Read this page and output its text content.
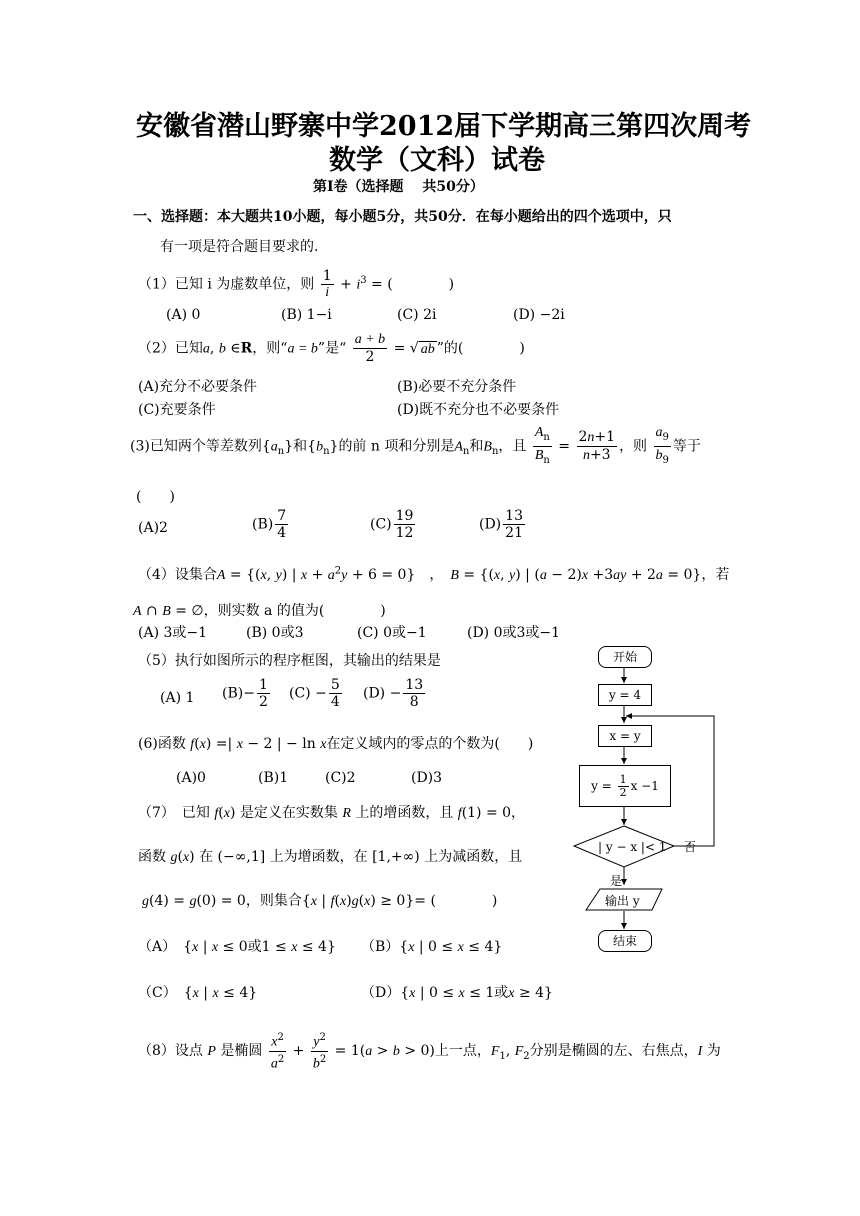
安徽省潜山野寨中学2012届下学期高三第四次周考
数学（文科）试卷
第Ⅰ卷（选择题　 共50分）
一、选择题：本大题共10小题，每小题5分，共50分．在每小题给出的四个选项中，只
有一项是符合题目要求的.
（1）已知 i 为虚数单位，则 $\frac{1}{i} + i^3$ = (　　　　)
(A) 0	(B) 1−i	(C) 2i	(D) −2i
（2）已知a, b ∈R，则“a = b”是“ $\frac{a + b}{2}$ = √ ab ”的(　　　　)
(A)充分不必要条件	(B)必要不充分条件
(C)充要条件	(D)既不充分也不必要条件
(3)已知两个等差数列$\{a_n\}$和$\{b_n\}$的前 n 项和分别是$A_n$和$B_n$，且 $\frac{A_n}{B_n} = \frac{2n+1}{n+3}$ ，则 $\frac{a_9}{b_9}$ 等于
(　　)
(A)2	$(B) \frac{7}{4}$	$(C) \frac{19}{12}$	$(D) \frac{13}{21}$
（4）设集合A = {(x, y) | $x + a^2y + 6 = 0$}　，　 B = {(x, y) | (a − 2)x +3ay + 2a = 0}，若
A ∩ B = ∅，则实数 a 的值为(　　　　)
(A) 3或−1	(B) 0或3	(C) 0或−1	(D) 0或3或−1
（5）执行如图所示的程序框图，其输出的结果是
(A) 1 $(B)- \frac{1}{2} (C) - \frac{5}{4} (D) - \frac{13}{8}$
(6)函数 f(x) =| x − 2 | − ln x在定义域内的零点的个数为(　　)
(A)0	(B)1	(C)2	(D)3
（7）　已知 f(x) 是定义在实数集 R 上的增函数，且 f(1) = 0，
函数 g(x) 在 (−∞,1] 上为增函数，在 [1,+∞) 上为减函数，且
g(4) = g(0) = 0，则集合{x | f(x)g(x) ≥ 0}= (　　　　)
（A）　{x | x ≤ 0或1 ≤ x ≤ 4} （B）{x | 0 ≤ x ≤ 4}
（C）　{x | x ≤ 4}	（D）{x | 0 ≤ x ≤ 1或x ≥ 4}
（8）设点 P 是椭圆 $\frac{x^2}{a^2} + \frac{y^2}{b^2} = 1(a > b > 0)$上一点，$F_1$, $F_2$分别是椭圆的左、右焦点，I 为
开始
y = 4
x = y
$y = \frac{1}{2}$ x −1
| y − x |< 1 否
是
输出 y
结束
